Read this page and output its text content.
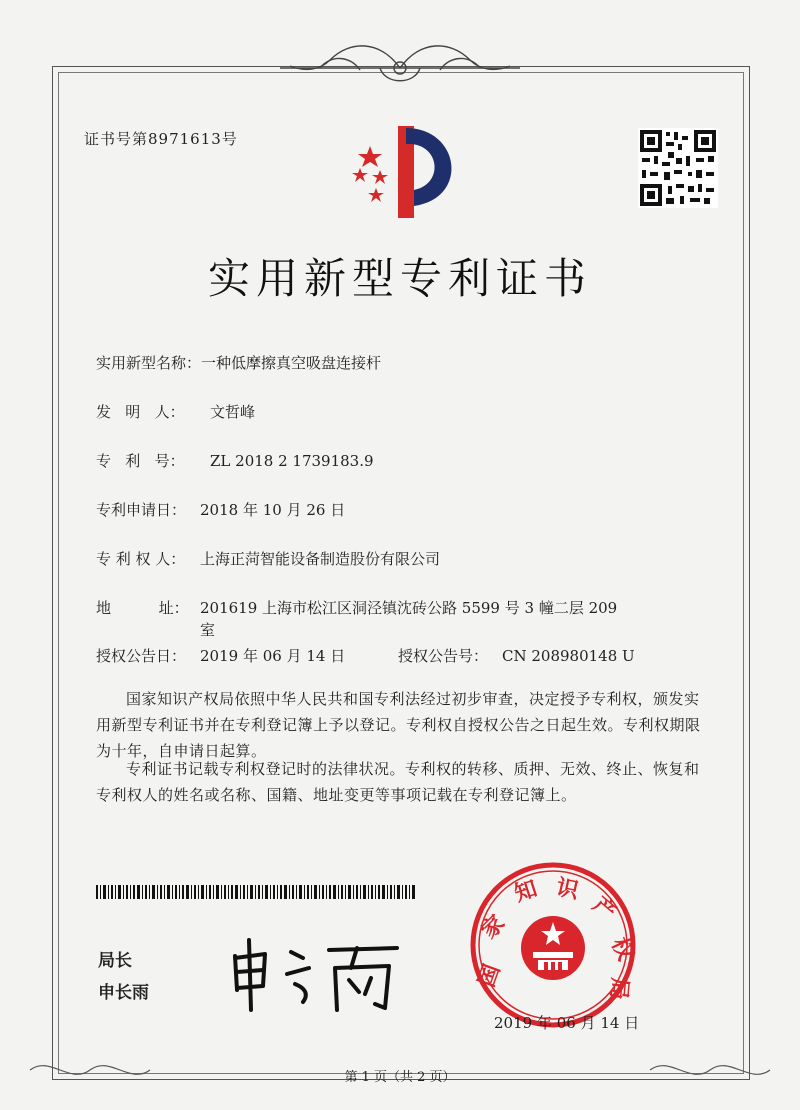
证书号第8971613号
实用新型专利证书
实用新型名称：一种低摩擦真空吸盘连接杆
发   明   人： 文哲峰
专   利   号： ZL 2018 2 1739183.9
专利申请日： 2018 年 10 月 26 日
专 利 权 人： 上海正菏智能设备制造股份有限公司
地          址： 201619 上海市松江区洞泾镇沈砖公路 5599 号 3 幢二层 209 室
授权公告日： 2019 年 06 月 14 日	授权公告号： CN 208980148 U
国家知识产权局依照中华人民共和国专利法经过初步审查，决定授予专利权，颁发实用新型专利证书并在专利登记簿上予以登记。专利权自授权公告之日起生效。专利权期限为十年，自申请日起算。
专利证书记载专利权登记时的法律状况。专利权的转移、质押、无效、终止、恢复和专利权人的姓名或名称、国籍、地址变更等事项记载在专利登记簿上。
局长
申长雨
国
家
知 识
产
权
局
2019 年 06 月 14 日
第 1 页（共 2 页）
